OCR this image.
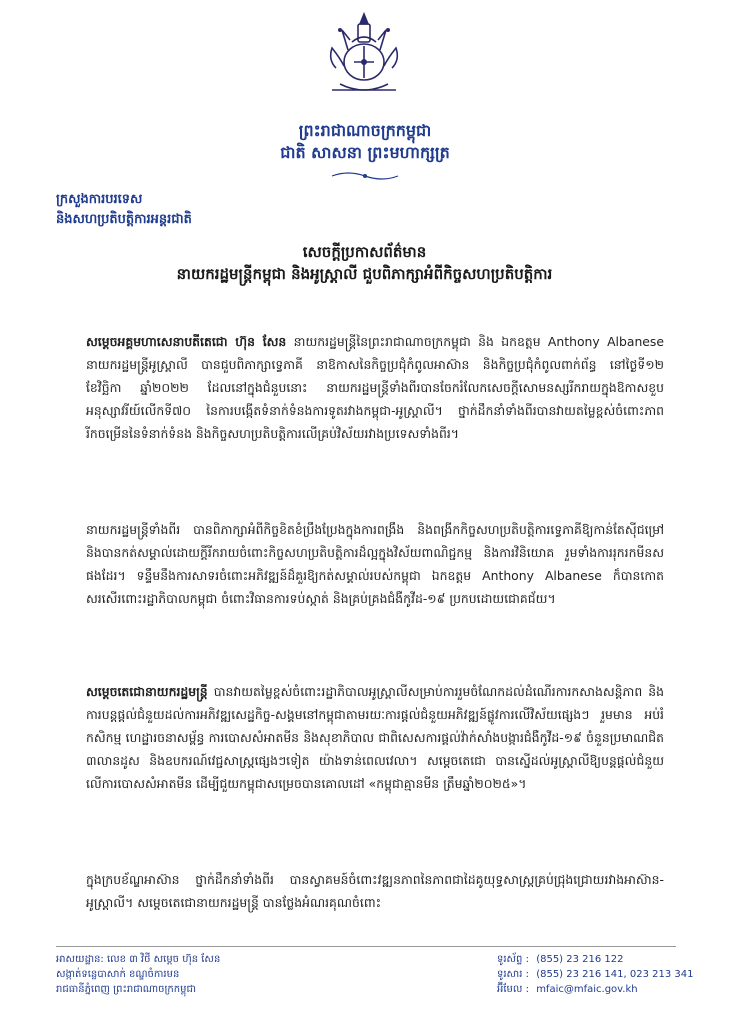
ព្រះរាជាណាចក្រកម្ពុជា
ជាតិ សាសនា ព្រះមហាក្សត្រ
ក្រសួងការបរទេស
និងសហប្រតិបត្តិការអន្តរជាតិ
សេចក្តីប្រកាសព័ត៌មាន
នាយករដ្ឋមន្ត្រីកម្ពុជា និងអូស្ត្រាលី ជួបពិភាក្សាអំពីកិច្ចសហប្រតិបត្តិការ
សម្តេចអគ្គមហាសេនាបតីតេជោ ហ៊ុន សែន នាយករដ្ឋមន្ត្រីនៃព្រះរាជាណាចក្រកម្ពុជា និង ឯកឧត្តម Anthony Albanese នាយករដ្ឋមន្ត្រីអូស្ត្រាលី បានជួបពិភាក្សាទ្វេភាគី នាឱកាសនៃកិច្ចប្រជុំកំពូលអាស៊ាន និងកិច្ចប្រជុំកំពូលពាក់ព័ន្ធ នៅថ្ងៃទី១២ ខែវិច្ឆិកា ឆ្នាំ២០២២ ដែលនៅក្នុងជំនួបនោះ នាយករដ្ឋមន្ត្រីទាំងពីរបានចែករំលែកសេចក្តីសោមនស្សរីករាយក្នុងឱកាសខួបអនុស្សាវរីយ៍លើកទី៧០ នៃការបង្កើតទំនាក់ទំនងការទូតរវាងកម្ពុជា-អូស្ត្រាលី។ ថ្នាក់ដឹកនាំទាំងពីរបានវាយតម្លៃខ្ពស់ចំពោះភាពរីកចម្រើននៃទំនាក់ទំនង និងកិច្ចសហប្រតិបត្តិការលើគ្រប់វិស័យរវាងប្រទេសទាំងពីរ។
នាយករដ្ឋមន្ត្រីទាំងពីរ បានពិភាក្សាអំពីកិច្ចខិតខំប្រឹងប្រែងក្នុងការពង្រឹង និងពង្រីកកិច្ចសហប្រតិបត្តិការទ្វេភាគីឱ្យកាន់តែស៊ីជម្រៅ និងបានកត់សម្គាល់ដោយក្តីរីករាយចំពោះកិច្ចសហប្រតិបត្តិការដ៏ល្អក្នុងវិស័យពាណិជ្ជកម្ម និងការវិនិយោគ រួមទាំងការរុករកមីនសផងដែរ។ ទន្ទឹមនឹងការសាទរចំពោះអភិវឌ្ឍន៍ដ៏គួរឱ្យកត់សម្គាល់របស់កម្ពុជា ឯកឧត្តម Anthony Albanese ក៏បានកោតសរសើរពោះរដ្ឋាភិបាលកម្ពុជា ចំពោះវិធានការទប់ស្កាត់ និងគ្រប់គ្រងជំងឺកូវីដ-១៩ ប្រកបដោយជោគជ័យ។
សម្តេចតេជោនាយករដ្ឋមន្ត្រី បានវាយតម្លៃខ្ពស់ចំពោះរដ្ឋាភិបាលអូស្ត្រាលីសម្រាប់ការរួមចំណែកដល់ដំណើរការកសាងសន្តិភាព និងការបន្តផ្តល់ជំនួយដល់ការអភិវឌ្ឍសេដ្ឋកិច្ច-សង្គមនៅកម្ពុជាតាមរយៈការផ្តល់ជំនួយអភិវឌ្ឍន៍ផ្លូវការលើវិស័យផ្សេងៗ រួមមាន អប់រំ កសិកម្ម ហេដ្ឋារចនាសម្ព័ន្ធ ការបោសសំអាតមីន និងសុខាភិបាល ជាពិសេសការផ្តល់វ៉ាក់សាំងបង្ការជំងឺកូវីដ-១៩ ចំនួនប្រមាណជិត ៣លានដូស និងឧបករណ៍វេជ្ជសាស្ត្រផ្សេងៗទៀត យ៉ាងទាន់ពេលវេលា។ សម្តេចតេជោ បានស្នើដល់អូស្ត្រាលីឱ្យបន្តផ្តល់ជំនួយលើការបោសសំអាតមីន ដើម្បីជួយកម្ពុជាសម្រេចបានគោលដៅ «កម្ពុជាគ្មានមីន ត្រឹមឆ្នាំ២០២៥»។
ក្នុងក្របខ័ណ្ឌអាស៊ាន ថ្នាក់ដឹកនាំទាំងពីរ បានស្វាគមន៍ចំពោះវឌ្ឍនភាពនៃភាពជាដៃគូយុទ្ធសាស្ត្រគ្រប់ជ្រុងជ្រោយរវាងអាស៊ាន-អូស្ត្រាលី។ សម្តេចតេជោនាយករដ្ឋមន្ត្រី បានថ្លែងអំណរគុណចំពោះ
អាសយដ្ឋាន: លេខ ៣ វិថី សម្តេច ហ៊ុន សែន
សង្កាត់ទន្លេបាសាក់ ខណ្ឌចំការមន
រាជធានីភ្នំពេញ ព្រះរាជាណាចក្រកម្ពុជា
ទូរស័ព្ទ : (855) 23 216 122
ទូរសារ : (855) 23 216 141, 023 213 341
អ៊ីមែល : mfaic@mfaic.gov.kh
